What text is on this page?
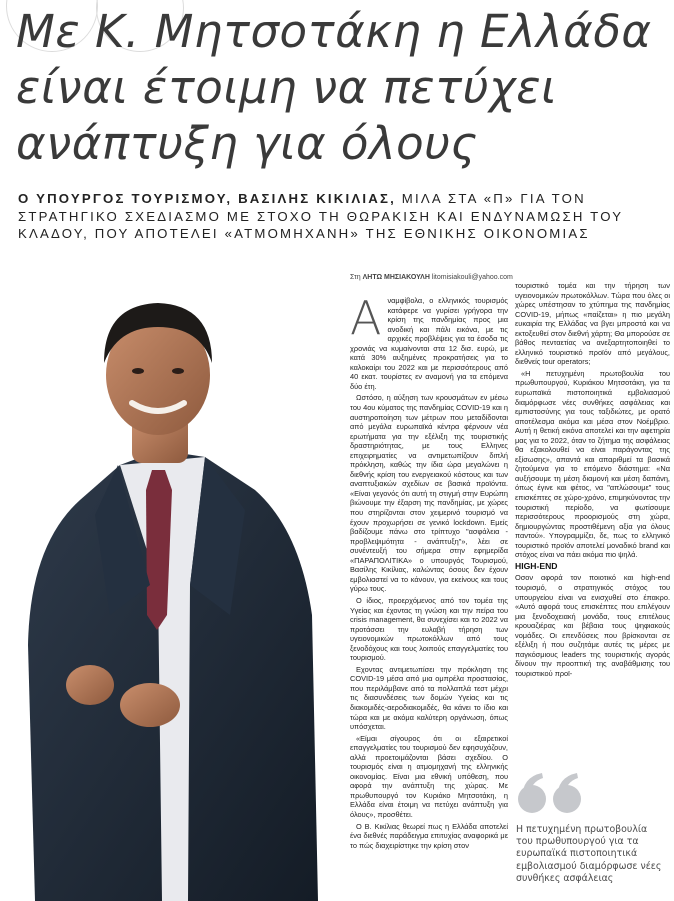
Με Κ. Μητσοτάκη η Ελλάδα
είναι έτοιμη να πετύχει
ανάπτυξη για όλους
Ο ΥΠΟΥΡΓΟΣ ΤΟΥΡΙΣΜΟΥ, ΒΑΣΙΛΗΣ ΚΙΚΙΛΙΑΣ, ΜΙΛΑ ΣΤΑ «Π» ΓΙΑ ΤΟΝ ΣΤΡΑΤΗΓΙΚΟ ΣΧΕΔΙΑΣΜΟ ΜΕ ΣΤΟΧΟ ΤΗ ΘΩΡΑΚΙΣΗ ΚΑΙ ΕΝΔΥΝΑΜΩΣΗ ΤΟΥ ΚΛΑΔΟΥ, ΠΟΥ ΑΠΟΤΕΛΕΙ «ΑΤΜΟΜΗΧΑΝΗ» ΤΗΣ ΕΘΝΙΚΗΣ ΟΙΚΟΝΟΜΙΑΣ
Στη ΛΗΤΩ ΜΗΣΙΑΚΟΥΛΗ litomisiakouli@yahoo.com

Αναμφίβολα, ο ελληνικός τουρισμός κατάφερε να γυρίσει γρήγορα την κρίση της πανδημίας προς μια ανοδική και πάλι εικόνα, με τις αρχικές προβλέψεις για τα έσοδα τις χρονιάς να κυμαίνονται στα 12 δισ. ευρώ, με κατά 30% αυξημένες προκρατήσεις για το καλοκαίρι του 2022 και με περισσότερους από 40 εκατ. τουρίστες εν αναμονή για τα επόμενα δύο έτη.

Ωστόσο, η αύξηση των κρουσμάτων εν μέσω του 4ου κύματος της πανδημίας COVID-19 και η αυστηροποίηση των μέτρων που μεταδίδονται από μεγάλα ευρωπαϊκά κέντρα φέρνουν νέα ερωτήματα για την εξέλιξη της τουριστικής δραστηριότητας, με τους Ελληνες επιχειρηματίες να αντιμετωπίζουν διπλή πρόκληση, καθώς την ίδια ώρα μεγαλώνει η διεθνής κρίση του ενεργειακού κόστους και των αναπτυξιακών σχεδίων σε βασικά προϊόντα. «Είναι γεγονός ότι αυτή τη στιγμή στην Ευρώπη βιώνουμε την έξαρση της πανδημίας, με χώρες που στηρίζονται στον χειμερινό τουρισμό να έχουν προχωρήσει σε γενικό lockdown. Εμείς βαδίζουμε πάνω στο τρίπτυχο "ασφάλεια - προβλεψιμότητα - ανάπτυξη"», λέει σε συνέντευξή του σήμερα στην εφημερίδα «ΠΑΡΑΠΟΛΙΤΙΚΑ» ο υπουργός Τουρισμού, Βασίλης Κικίλιας, καλώντας όσους δεν έχουν εμβολιαστεί να το κάνουν, για εκείνους και τους γύρω τους.

Ο ίδιος, προερχόμενος από τον τομέα της Υγείας και έχοντας τη γνώση και την πείρα του crisis management, θα συνεχίσει και το 2022 να προτάσσει την ευλαβή τήρηση των υγειονομικών πρωτοκόλλων από τους ξενοδόχους και τους λοιπούς επαγγελματίες του τουρισμού.

Εχοντας αντιμετωπίσει την πρόκληση της COVID-19 μέσα από μια ομπρέλα προστασίας, που περιλάμβανε από τα πολλαπλά τεστ μέχρι τις διασυνδέσεις των δομών Υγείας και τις διακομιδές-αεροδιακομιδές, θα κάνει το ίδιο και τώρα και με ακόμα καλύτερη οργάνωση, όπως υπόσχεται.

«Είμαι σίγουρος ότι οι εξαιρετικοί επαγγελματίες του τουρισμού δεν εφησυχάζουν, αλλά προετοιμάζονται βάσει σχεδίου. Ο τουρισμός είναι η ατμομηχανή της ελληνικής οικονομίας. Είναι μια εθνική υπόθεση, που αφορά την ανάπτυξη της χώρας. Με πρωθυπουργό τον Κυριάκο Μητσοτάκη, η Ελλάδα είναι έτοιμη να πετύχει ανάπτυξη για όλους», προσθέτει.

Ο Β. Κικίλιας θεωρεί πως η Ελλάδα αποτελεί ένα διεθνές παράδειγμα επιτυχίας αναφορικά με το πώς διαχειρίστηκε την κρίση στον

τουριστικό τομέα και την τήρηση των υγειονομικών πρωτοκόλλων. Τώρα που όλες οι χώρες υπέστησαν το χτύπημα της πανδημίας COVID-19, μήπως «παίζεται» η πιο μεγάλη ευκαιρία της Ελλάδας να βγει μπροστά και να εκτοξευθεί στον διεθνή χάρτη; Θα μπορούσε σε βάθος πενταετίας να ανεξαρτητοποιηθεί το ελληνικό τουριστικό προϊόν από μεγάλους, διεθνείς tour operators;

«Η πετυχημένη πρωτοβουλία του πρωθυπουργού, Κυριάκου Μητσοτάκη, για τα ευρωπαϊκά πιστοποιητικά εμβολιασμού διαμόρφωσε νέες συνθήκες ασφάλειας και εμπιστοσύνης για τους ταξιδιώτες, με ορατό αποτέλεσμα ακόμα και μέσα στον Νοέμβριο. Αυτή η θετική εικόνα αποτελεί και την αφετηρία μας για το 2022, όταν το ζήτημα της ασφάλειας θα εξακολουθεί να είναι παράγοντας της εξίσωσης», απαντά και απαριθμεί τα βασικά ζητούμενα για το επόμενο διάστημα: «Να αυξήσουμε τη μέση διαμονή και μέση δαπάνη, όπως έγινε και φέτος, να "απλώσουμε" τους επισκέπτες σε χώρο-χρόνο, επιμηκύνοντας την τουριστική περίοδο, να φωτίσουμε περισσότερους προορισμούς στη χώρα, δημιουργώντας προστιθέμενη αξία για όλους παντού». Υπογραμμίζει, δε, πως το ελληνικό τουριστικό προϊόν αποτελεί μοναδικό brand και στόχος είναι να πάει ακόμα πιο ψηλά.

HIGH-END

Οσον αφορά τον ποιοτικό και high-end τουρισμό, ο στρατηγικός στόχος του υπουργείου είναι να ενισχυθεί στο έπακρο. «Αυτό αφορά τους επισκέπτες που επιλέγουν μια ξενοδοχειακή μονάδα, τους επιτέλους κρουαζιέρας και βέβαια τους ψηφιακούς νομάδες. Οι επενδύσεις που βρίσκονται σε εξέλιξη ή που συζητάμε αυτές τις μέρες με παγκόσμιους leaders της τουριστικής αγοράς δίνουν την προοπτική της αναβάθμισης του τουριστικού προϊ-

Η πετυχημένη πρωτοβουλία του πρωθυπουργού για τα ευρωπαϊκά πιστοποιητικά εμβολιασμού διαμόρφωσε νέες συνθήκες ασφάλειας
